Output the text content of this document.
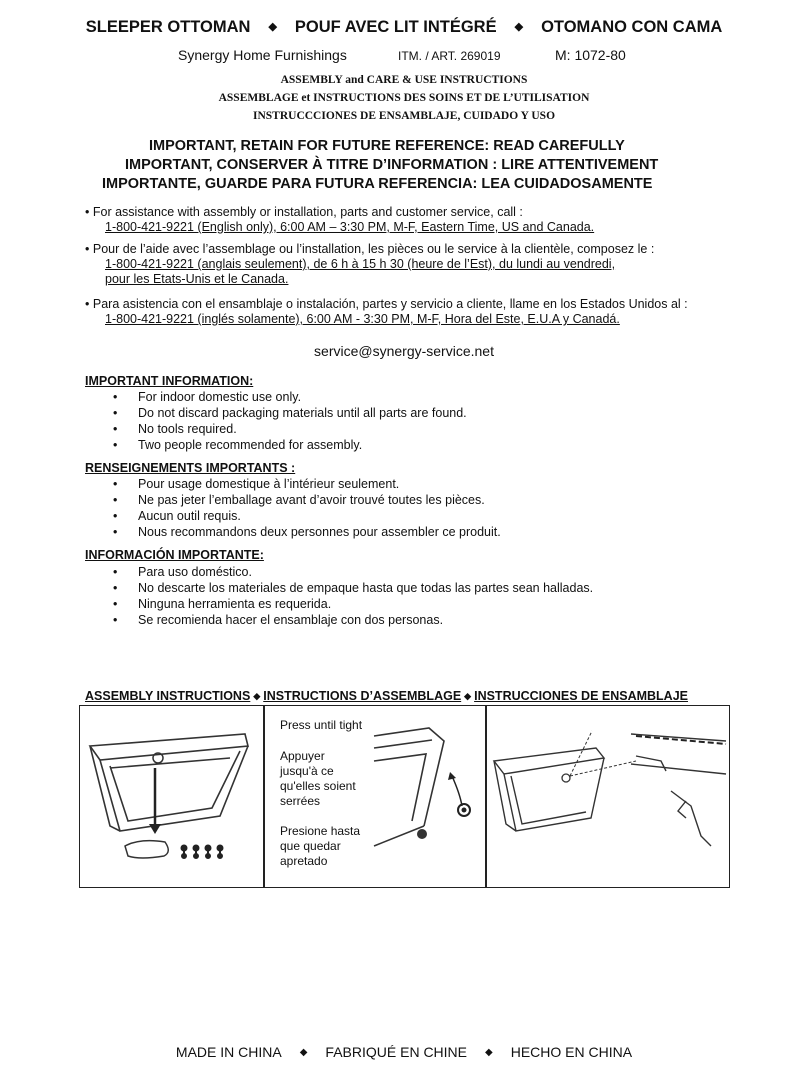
SLEEPER OTTOMAN ◆ POUF AVEC LIT INTÉGRÉ ◆ OTOMANO CON CAMA
Synergy Home Furnishings	ITM. / ART. 269019	M: 1072-80
ASSEMBLY and CARE & USE INSTRUCTIONS
ASSEMBLAGE et INSTRUCTIONS DES SOINS ET DE L’UTILISATION
INSTRUCCCIONES DE ENSAMBLAJE, CUIDADO Y USO
IMPORTANT, RETAIN FOR FUTURE REFERENCE: READ CAREFULLY
IMPORTANT, CONSERVER À TITRE D’INFORMATION : LIRE ATTENTIVEMENT
IMPORTANTE, GUARDE PARA FUTURA REFERENCIA: LEA CUIDADOSAMENTE
• For assistance with assembly or installation, parts and customer service, call :
1-800-421-9221 (English only), 6:00 AM – 3:30 PM, M-F, Eastern Time, US and Canada.
• Pour de l’aide avec l’assemblage ou l’installation, les pièces ou le service à la clientèle, composez le :
1-800-421-9221 (anglais seulement), de 6 h à 15 h 30 (heure de l’Est), du lundi au vendredi,
pour les Etats-Unis et le Canada.
• Para asistencia con el ensamblaje o instalación, partes y servicio a cliente, llame en los Estados Unidos al :
1-800-421-9221 (inglés solamente), 6:00 AM - 3:30 PM, M-F, Hora del Este, E.U.A y Canadá.
service@synergy-service.net
IMPORTANT INFORMATION:
• For indoor domestic use only.
• Do not discard packaging materials until all parts are found.
• No tools required.
• Two people recommended for assembly.
RENSEIGNEMENTS IMPORTANTS :
• Pour usage domestique à l’intérieur seulement.
• Ne pas jeter l’emballage avant d’avoir trouvé toutes les pièces.
• Aucun outil requis.
• Nous recommandons deux personnes pour assembler ce produit.
INFORMACIÓN IMPORTANTE:
• Para uso doméstico.
• No descarte los materiales de empaque hasta que todas las partes sean halladas.
• Ninguna herramienta es requerida.
• Se recomienda hacer el ensamblaje con dos personas.
ASSEMBLY INSTRUCTIONS ◆ INSTRUCTIONS D’ASSEMBLAGE ◆ INSTRUCCIONES DE ENSAMBLAJE
Press until tight
Appuyer
jusqu'à ce
qu'elles soient
serrées
Presione hasta
que quedar
apretado
MADE IN CHINA ◆ FABRIQUÉ EN CHINE ◆ HECHO EN CHINA
